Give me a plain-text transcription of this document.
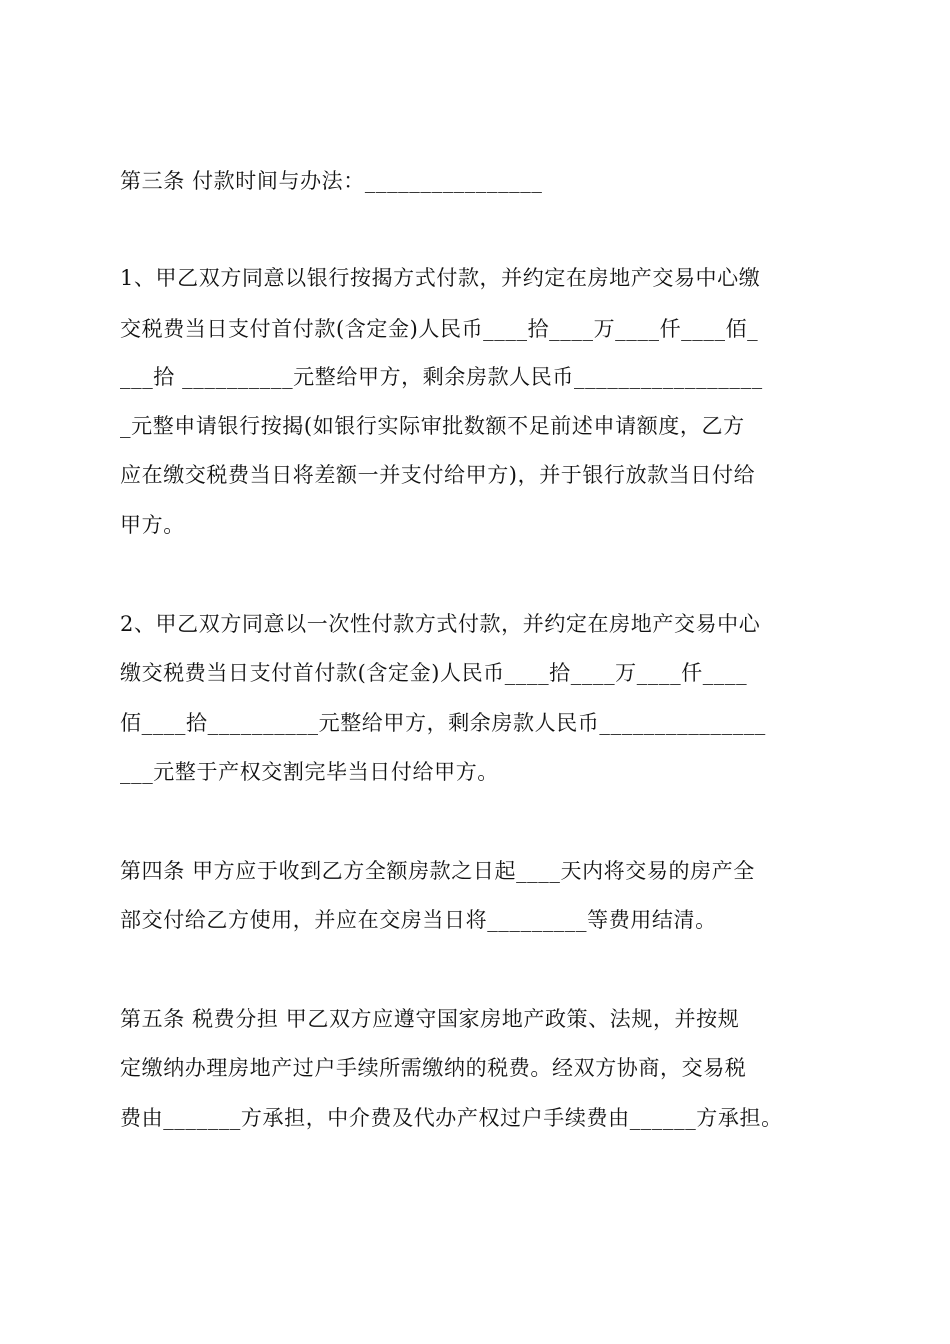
第三条 付款时间与办法：________________
1、甲乙双方同意以银行按揭方式付款，并约定在房地产交易中心缴
交税费当日支付首付款(含定金)人民币____拾____万____仟____佰_
___拾 __________元整给甲方，剩余房款人民币_________________
_元整申请银行按揭(如银行实际审批数额不足前述申请额度，乙方
应在缴交税费当日将差额一并支付给甲方)，并于银行放款当日付给
甲方。
2、甲乙双方同意以一次性付款方式付款，并约定在房地产交易中心
缴交税费当日支付首付款(含定金)人民币____拾____万____仟____
佰____拾__________元整给甲方，剩余房款人民币_______________
___元整于产权交割完毕当日付给甲方。
第四条 甲方应于收到乙方全额房款之日起____天内将交易的房产全
部交付给乙方使用，并应在交房当日将_________等费用结清。
第五条 税费分担 甲乙双方应遵守国家房地产政策、法规，并按规
定缴纳办理房地产过户手续所需缴纳的税费。经双方协商，交易税
费由_______方承担，中介费及代办产权过户手续费由______方承担。
